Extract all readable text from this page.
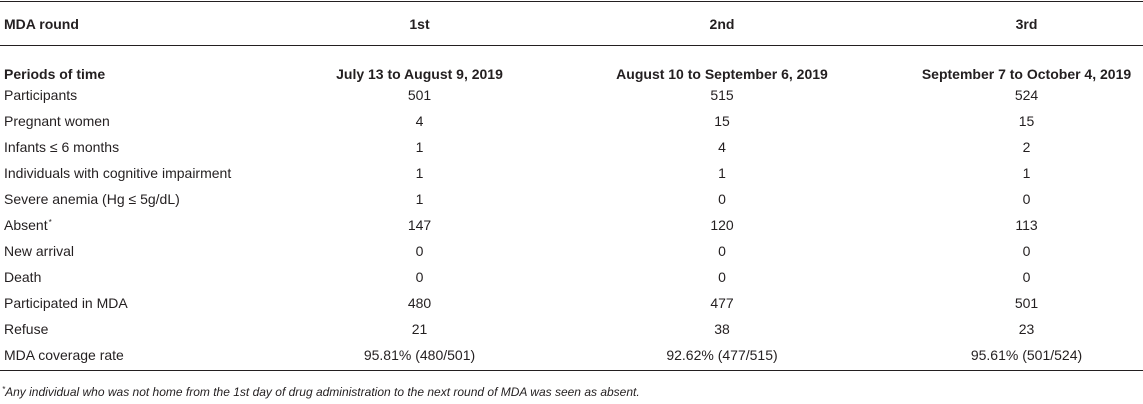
MDA round	1st	2nd	3rd
Periods of time	July 13 to August 9, 2019	August 10 to September 6, 2019	September 7 to October 4, 2019
Participants	501	515	524
Pregnant women	4	15	15
Infants ≤ 6 months	1	4	2
Individuals with cognitive impairment	1	1	1
Severe anemia (Hg ≤ 5g/dL)	1	0	0
Absent*	147	120	113
New arrival	0	0	0
Death	0	0	0
Participated in MDA	480	477	501
Refuse	21	38	23
MDA coverage rate	95.81% (480/501)	92.62% (477/515)	95.61% (501/524)
*Any individual who was not home from the 1st day of drug administration to the next round of MDA was seen as absent.
